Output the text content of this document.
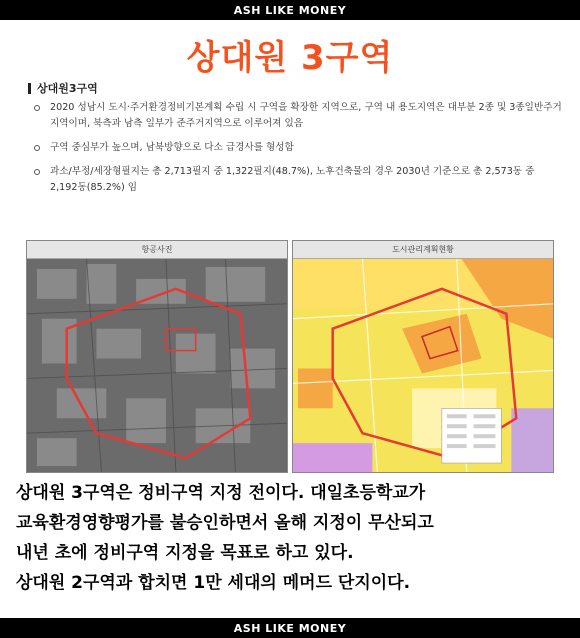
ASH LIKE MONEY
상대원 3구역
상대원3구역
2020 성남시 도시·주거환경정비기본계획 수립 시 구역을 확장한 지역으로, 구역 내 용도지역은 대부분 2종 및 3종일반주거지역이며, 북측과 남측 일부가 준주거지역으로 이루어져 있음
구역 중심부가 높으며, 남북방향으로 다소 급경사를 형성함
과소/부정/세장형필지는 총 2,713필지 중 1,322필지(48.7%), 노후건축물의 경우 2030년 기준으로 총 2,573동 중 2,192동(85.2%) 임
항공사진	도시관리계획현황
상대원 3구역은 정비구역 지정 전이다. 대일초등학교가
교육환경영향평가를 불승인하면서 올해 지정이 무산되고
내년 초에 정비구역 지정을 목표로 하고 있다.
상대원 2구역과 합치면 1만 세대의 메머드 단지이다.
ASH LIKE MONEY
